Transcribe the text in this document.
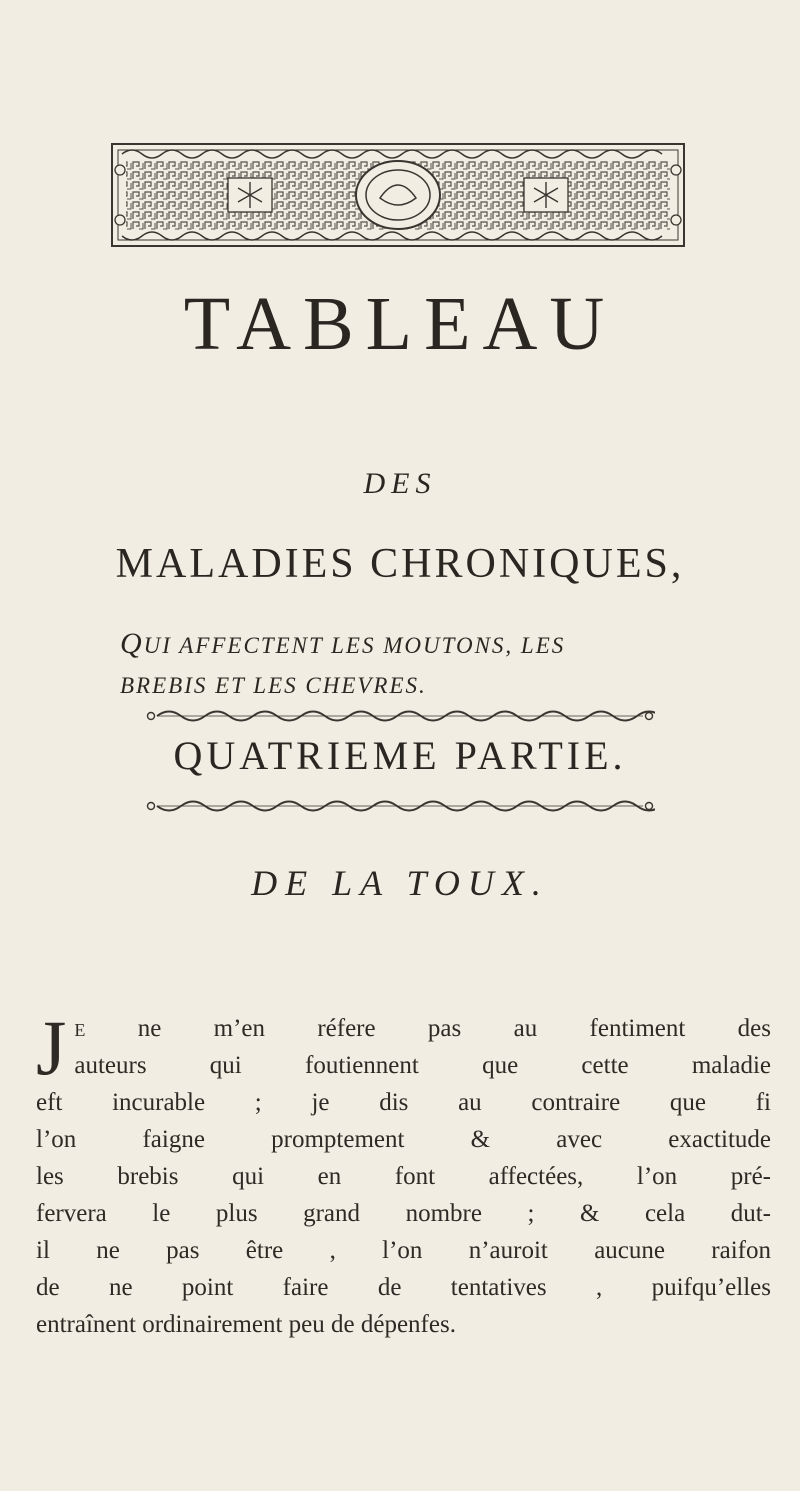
TABLEAU
DES
MALADIES CHRONIQUES,
QUI AFFECTENT LES MOUTONS, LES
BREBIS ET LES CHEVRES.
QUATRIEME PARTIE.
DE LA TOUX.
J e ne m’en réfere pas au fentiment des
auteurs qui foutiennent que cette maladie
eft incurable ; je dis au contraire que fi
l’on faigne promptement & avec exactitude
les brebis qui en font affectées, l’on pré-
fervera le plus grand nombre ; & cela dut-
il ne pas être , l’on n’auroit aucune raifon
de ne point faire de tentatives , puifqu’elles
entraînent ordinairement peu de dépenfes.
